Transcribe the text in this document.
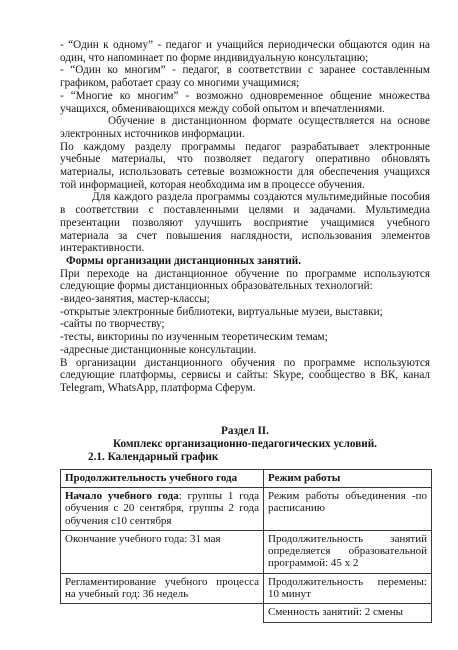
- “Один к одному” - педагог и учащийся периодически общаются один на один, что напоминает по форме индивидуальную консультацию;

- “Один ко многим” - педагог, в соответствии с заранее составленным графиком, работает сразу со многими учащимися;

- “Многие ко многим” - возможно одновременное общение множества учащихся, обменивающихся между собой опытом и впечатлениями.

Обучение в дистанционном формате осуществляется на основе электронных источников информации.

По каждому разделу программы педагог разрабатывает электронные учебные материалы, что позволяет педагогу оперативно обновлять материалы, использовать сетевые возможности для обеспечения учащихся той информацией, которая необходима им в процессе обучения.

Для каждого раздела программы создаются мультимедийные пособия в соответствии с поставленными целями и задачами. Мультимедиа презентации позволяют улучшить восприятие учащимися учебного материала за счет повышения наглядности, использования элементов интерактивности.

Формы организации дистанционных занятий.

При переходе на дистанционное обучение по программе используются следующие формы дистанционных образовательных технологий:

-видео-занятия, мастер-классы;

-открытые электронные библиотеки, виртуальные музеи, выставки;

-сайты по творчеству;

-тесты, викторины по изученным теоретическим темам;

-адресные дистанционные консультации.

В организации дистанционного обучения по программе используются следующие платформы, сервисы и сайты: Skype, сообщество в ВК, канал Telegram, WhatsApp, платформа Сферум.

Раздел II.
Комплекс организационно-педагогических условий.
2.1. Календарный график
Продолжительность учебного года	Режим работы
Начало учебного года: группы 1 года обучения с 20 сентября, группы 2 года обучения с10 сентября	Режим работы объединения -по расписанию
Окончание учебного года: 31 мая	Продолжительность занятий определяется образовательной программой: 45 х 2
Регламентирование учебного процесса на учебный год: 36 недель	Продолжительность перемены: 10 минут
	Сменность занятий: 2 смены
